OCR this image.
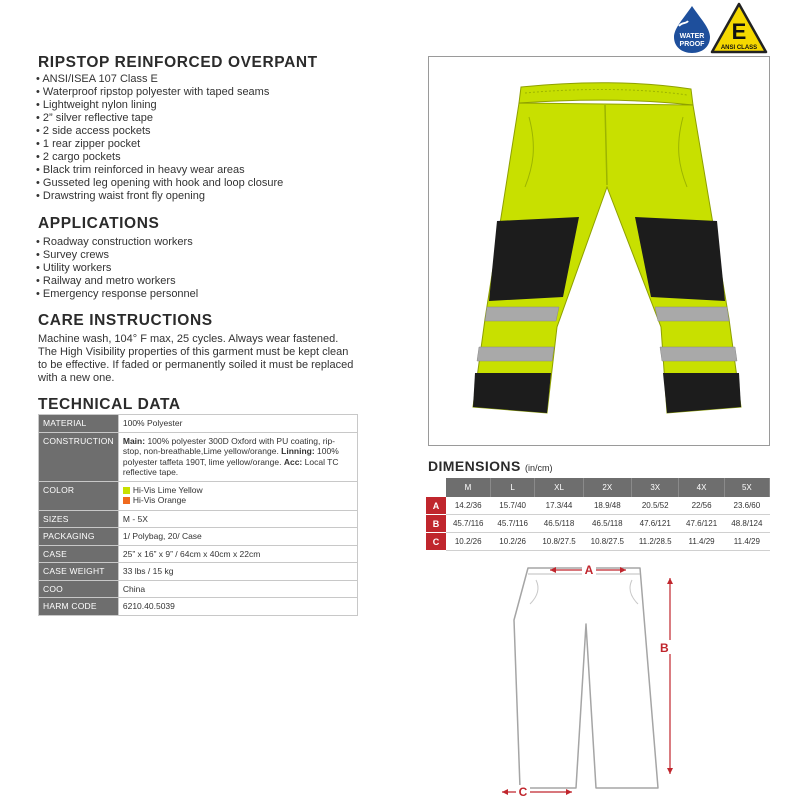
WATER
PROOF
E
ANSI CLASS
RIPSTOP REINFORCED OVERPANT
• ANSI/ISEA 107 Class E
• Waterproof ripstop polyester with taped seams
• Lightweight nylon lining
• 2” silver reflective tape
• 2 side access pockets
• 1 rear zipper pocket
• 2 cargo pockets
• Black trim reinforced in heavy wear areas
• Gusseted leg opening with hook and loop closure
• Drawstring waist front fly opening
APPLICATIONS
• Roadway construction workers
• Survey crews
• Utility workers
• Railway and metro workers
• Emergency response personnel
CARE INSTRUCTIONS
Machine wash, 104° F max, 25 cycles. Always wear fastened. The High Visibility properties of this garment must be kept clean to be effective. If faded or permanently soiled it must be replaced with a new one.
TECHNICAL DATA
MATERIAL	100% Polyester
CONSTRUCTION	Main: 100% polyester 300D Oxford with PU coating, rip-stop, non-breathable,Lime yellow/orange. Linning: 100% polyester taffeta 190T, lime yellow/orange. Acc: Local TC reflective tape.
COLOR	Hi-Vis Lime Yellow
Hi-Vis Orange

SIZES	M - 5X
PACKAGING	1/ Polybag, 20/ Case
CASE	25” x 16” x 9” / 64cm x 40cm x 22cm
CASE WEIGHT	33 lbs / 15 kg
COO	China
HARM CODE	6210.40.5039
DIMENSIONS (in/cm)
	M	L	XL	2X	3X	4X	5X
A	14.2/36	15.7/40	17.3/44	18.9/48	20.5/52	22/56	23.6/60
B	45.7/116	45.7/116	46.5/118	46.5/118	47.6/121	47.6/121	48.8/124
C	10.2/26	10.2/26	10.8/27.5	10.8/27.5	11.2/28.5	11.4/29	11.4/29
A
B
C
